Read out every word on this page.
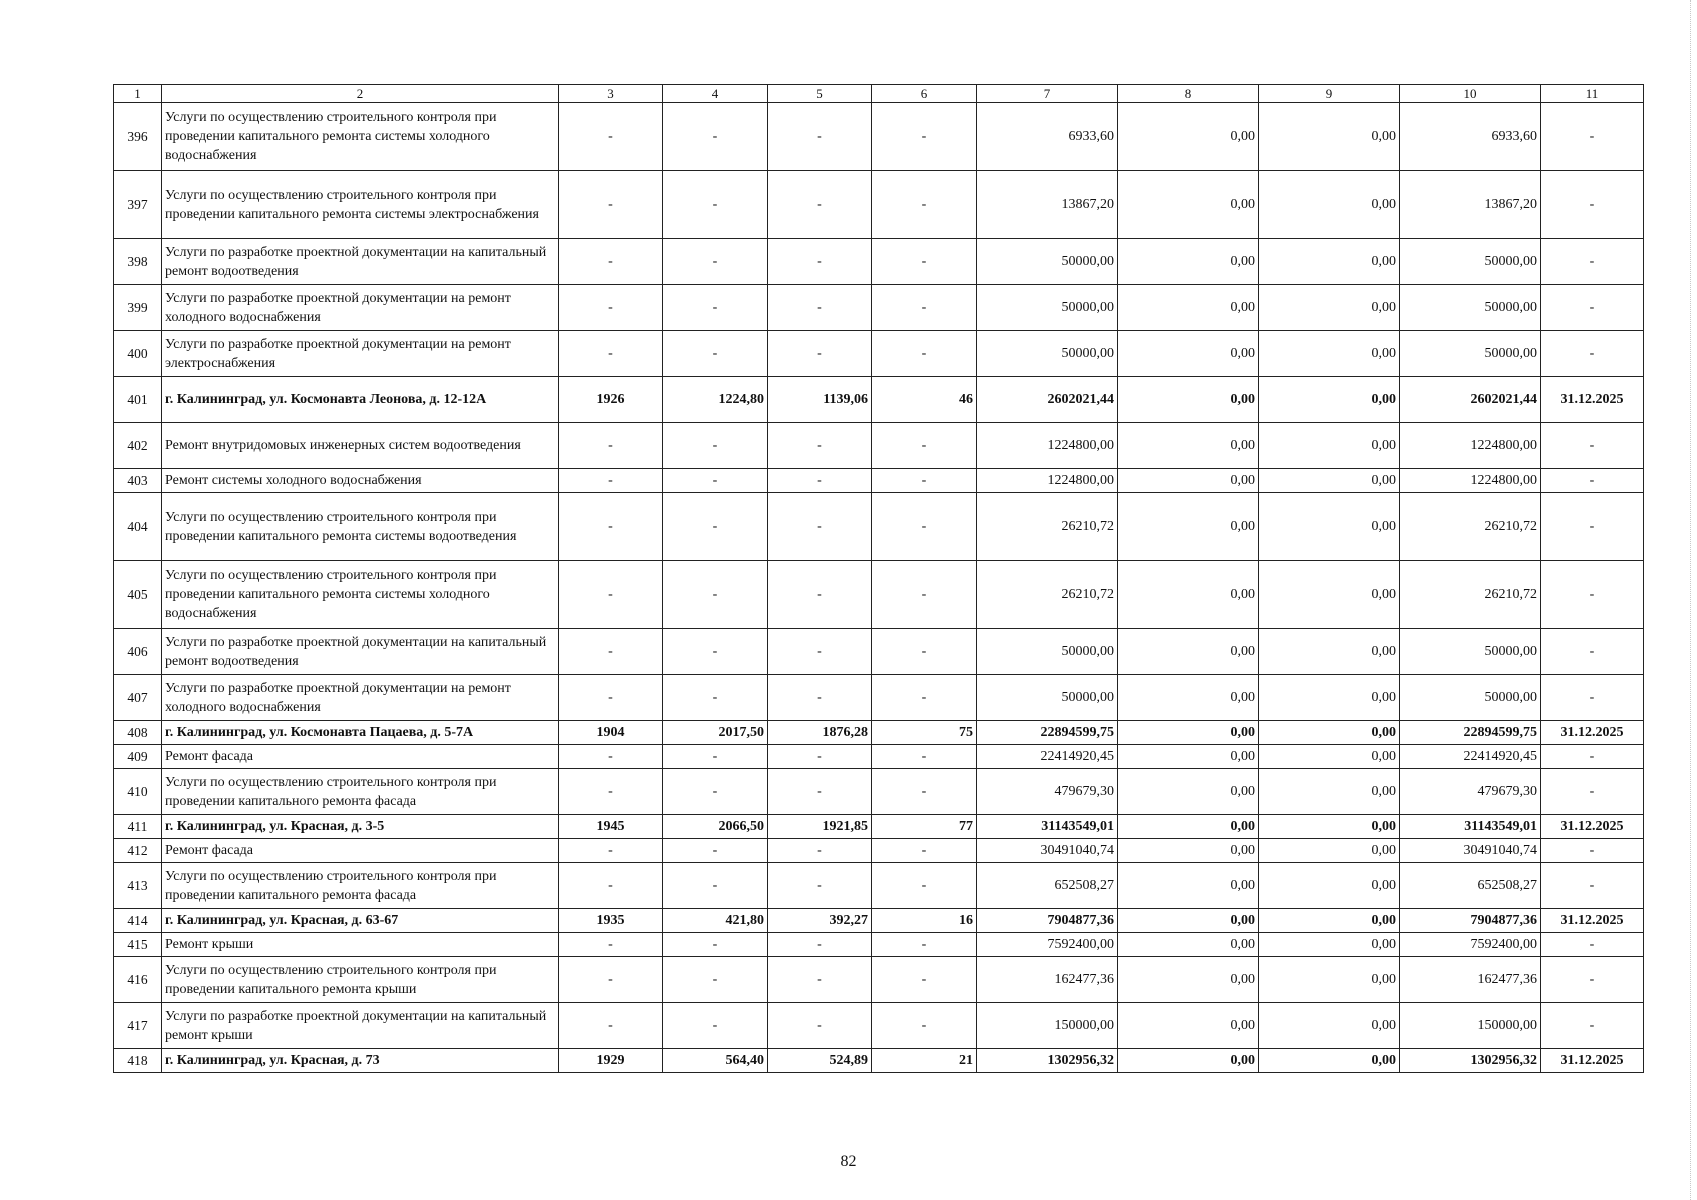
1	2	3	4	5	6	7	8	9	10	11
396	Услуги по осуществлению строительного контроля при проведении капитального ремонта системы холодного водоснабжения	-	-	-	-	6933,60	0,00	0,00	6933,60	-
397	Услуги по осуществлению строительного контроля при проведении капитального ремонта системы электроснабжения	-	-	-	-	13867,20	0,00	0,00	13867,20	-
398	Услуги по разработке проектной документации на капитальный ремонт водоотведения	-	-	-	-	50000,00	0,00	0,00	50000,00	-
399	Услуги по разработке проектной документации на ремонт холодного водоснабжения	-	-	-	-	50000,00	0,00	0,00	50000,00	-
400	Услуги по разработке проектной документации на ремонт электроснабжения	-	-	-	-	50000,00	0,00	0,00	50000,00	-
401	г. Калининград, ул. Космонавта Леонова, д. 12-12А	1926	1224,80	1139,06	46	2602021,44	0,00	0,00	2602021,44	31.12.2025
402	Ремонт внутридомовых инженерных систем водоотведения	-	-	-	-	1224800,00	0,00	0,00	1224800,00	-
403	Ремонт системы холодного водоснабжения	-	-	-	-	1224800,00	0,00	0,00	1224800,00	-
404	Услуги по осуществлению строительного контроля при проведении капитального ремонта системы водоотведения	-	-	-	-	26210,72	0,00	0,00	26210,72	-
405	Услуги по осуществлению строительного контроля при проведении капитального ремонта системы холодного водоснабжения	-	-	-	-	26210,72	0,00	0,00	26210,72	-
406	Услуги по разработке проектной документации на капитальный ремонт водоотведения	-	-	-	-	50000,00	0,00	0,00	50000,00	-
407	Услуги по разработке проектной документации на ремонт холодного водоснабжения	-	-	-	-	50000,00	0,00	0,00	50000,00	-
408	г. Калининград, ул. Космонавта Пацаева, д. 5-7А	1904	2017,50	1876,28	75	22894599,75	0,00	0,00	22894599,75	31.12.2025
409	Ремонт фасада	-	-	-	-	22414920,45	0,00	0,00	22414920,45	-
410	Услуги по осуществлению строительного контроля при проведении капитального ремонта фасада	-	-	-	-	479679,30	0,00	0,00	479679,30	-
411	г. Калининград, ул. Красная, д. 3-5	1945	2066,50	1921,85	77	31143549,01	0,00	0,00	31143549,01	31.12.2025
412	Ремонт фасада	-	-	-	-	30491040,74	0,00	0,00	30491040,74	-
413	Услуги по осуществлению строительного контроля при проведении капитального ремонта фасада	-	-	-	-	652508,27	0,00	0,00	652508,27	-
414	г. Калининград, ул. Красная, д. 63-67	1935	421,80	392,27	16	7904877,36	0,00	0,00	7904877,36	31.12.2025
415	Ремонт крыши	-	-	-	-	7592400,00	0,00	0,00	7592400,00	-
416	Услуги по осуществлению строительного контроля при проведении капитального ремонта крыши	-	-	-	-	162477,36	0,00	0,00	162477,36	-
417	Услуги по разработке проектной документации на капитальный ремонт крыши	-	-	-	-	150000,00	0,00	0,00	150000,00	-
418	г. Калининград, ул. Красная, д. 73	1929	564,40	524,89	21	1302956,32	0,00	0,00	1302956,32	31.12.2025
82
